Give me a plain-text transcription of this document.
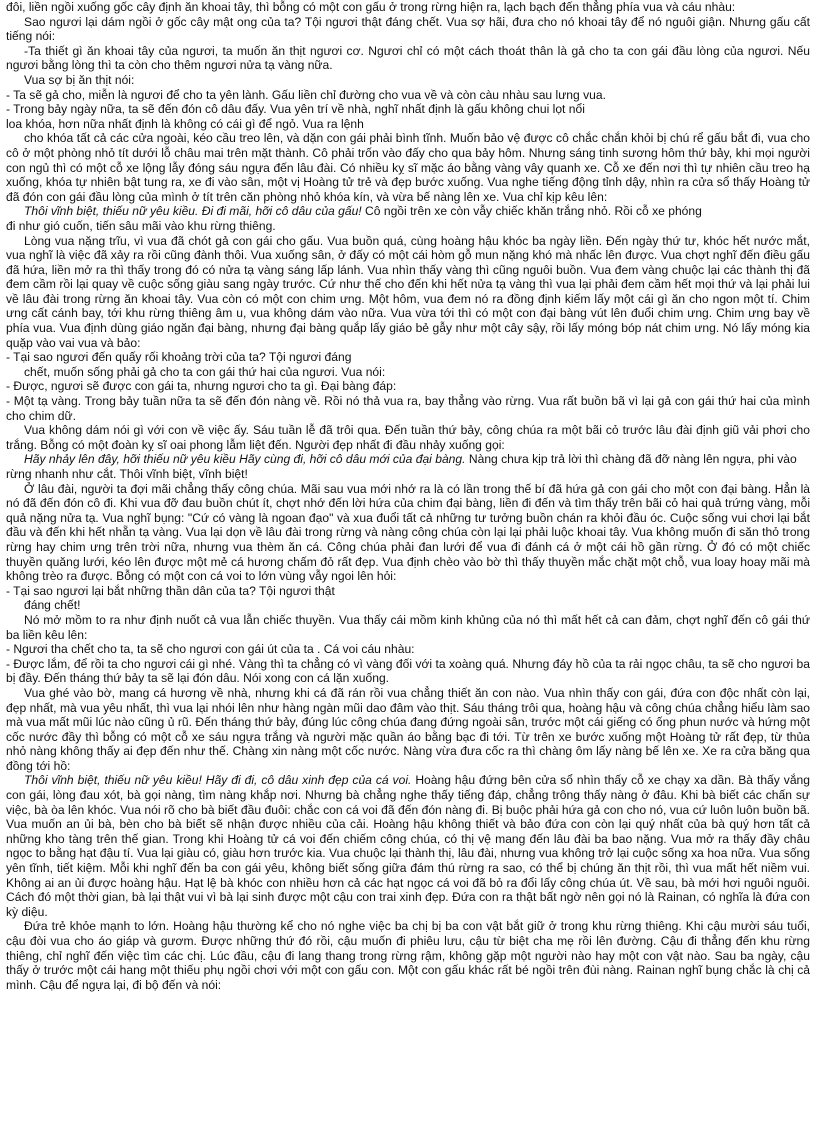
đôi, liền ngồi xuống gốc cây định ăn khoai tây, thì bỗng có một con gấu ở trong rừng hiện ra, lạch bạch đến thẳng phía vua và cáu nhàu:

Sao ngươi lại dám ngồi ở gốc cây mật ong của ta? Tội ngươi thật đáng chết. Vua sợ hãi, đưa cho nó khoai tây để nó nguôi giận. Nhưng gấu cất tiếng nói:

-Ta thiết gì ăn khoai tây của ngươi, ta muốn ăn thịt ngươi cơ. Ngươi chỉ có một cách thoát thân là gả cho ta con gái đầu lòng của ngươi. Nếu ngươi bằng lòng thì ta còn cho thêm ngươi nửa tạ vàng nữa.

Vua sợ bị ăn thịt nói:

- Ta sẽ gả cho, miễn là ngươi để cho ta yên lành. Gấu liền chỉ đường cho vua về và còn càu nhàu sau lưng vua.

- Trong bảy ngày nữa, ta sẽ đến đón cô dâu đấy. Vua yên trí về nhà, nghĩ nhất định là gấu không chui lọt nổi

loa khóa, hơn nữa nhất định là không có cái gì để ngỏ. Vua ra lệnh

cho khóa tất cả các cửa ngoài, kéo cầu treo lên, và dặn con gái phải bình tĩnh. Muốn bảo vệ được cô chắc chắn khỏi bị chú rể gấu bắt đi, vua cho cô ở một phòng nhỏ tít dưới lỗ châu mai trên mặt thành. Cô phải trốn vào đấy cho qua bảy hôm. Nhưng sáng tinh sương hôm thứ bảy, khi mọi người con ngủ thì có một cỗ xe lộng lẫy đóng sáu ngựa đến lâu đài. Có nhiều kỵ sĩ mặc áo bằng vàng vây quanh xe. Cỗ xe đến nơi thì tự nhiên cầu treo hạ xuống, khóa tự nhiên bật tung ra, xe đi vào sân, một vị Hoàng tử trẻ và đẹp bước xuống. Vua nghe tiếng động tỉnh dậy, nhìn ra cửa sổ thấy Hoàng tử đã đón con gái đầu lòng của mình ở tít trên căn phòng nhỏ khóa kín, và vừa bế nàng lên xe. Vua chỉ kịp kêu lên:

Thôi vĩnh biệt, thiếu nữ yêu kiều. Đi đi mãi, hỡi cô dâu của gấu! Cô ngồi trên xe còn vẫy chiếc khăn trắng nhỏ. Rồi cỗ xe phóng

đi như gió cuốn, tiến sâu mãi vào khu rừng thiêng.

Lòng vua nặng trĩu, vì vua đã chót gả con gái cho gấu. Vua buồn quá, cùng hoàng hậu khóc ba ngày liền. Đến ngày thứ tư, khóc hết nước mắt, vua nghĩ là việc đã xảy ra rồi cũng đành thôi. Vua xuống sân, ở đấy có một cái hòm gỗ mun nặng khó mà nhấc lên được. Vua chợt nghĩ đến điều gấu đã hứa, liền mở ra thì thấy trong đó có nửa tạ vàng sáng lấp lánh. Vua nhìn thấy vàng thì cũng nguôi buồn. Vua đem vàng chuộc lại các thành thị đã đem cầm rồi lại quay về cuộc sống giàu sang ngày trước. Cứ như thế cho đến khi hết nửa tạ vàng thì vua lại phải đem cầm hết mọi thứ và lại phải lui về lâu đài trong rừng ăn khoai tây. Vua còn có một con chim ưng. Một hôm, vua đem nó ra đồng định kiếm lấy một cái gì ăn cho ngon một tí. Chim ưng cất cánh bay, tới khu rừng thiêng âm u, vua không dám vào nữa. Vua vừa tới thì có một con đại bàng vút lên đuổi chim ưng. Chim ưng bay về phía vua. Vua định dùng giáo ngăn đại bàng, nhưng đại bàng quắp lấy giáo bẻ gẫy như một cây sậy, rồi lấy móng bóp nát chim ưng. Nó lấy móng kia quặp vào vai vua và bảo:

- Tại sao ngươi đến quấy rối khoảng trời của ta? Tội ngươi đáng

chết, muốn sống phải gả cho ta con gái thứ hai của ngươi. Vua nói:

- Được, ngươi sẽ được con gái ta, nhưng ngươi cho ta gì. Đại bàng đáp:

- Một tạ vàng. Trong bảy tuần nữa ta sẽ đến đón nàng về. Rồi nó thả vua ra, bay thẳng vào rừng. Vua rất buồn bã vì lại gả con gái thứ hai của mình cho chim dữ.

Vua không dám nói gì với con về việc ấy. Sáu tuần lễ đã trôi qua. Đến tuần thứ bảy, công chúa ra một bãi cỏ trước lâu đài định giũ vải phơi cho trắng. Bỗng có một đoàn kỵ sĩ oai phong lẫm liệt đến. Người đẹp nhất đi đầu nhảy xuống gọi:

Hãy nhảy lên đây, hỡi thiếu nữ yêu kiều Hãy cùng đi, hỡi cô dâu mới của đại bàng. Nàng chưa kịp trả lời thì chàng đã đỡ nàng lên ngựa, phi vào

rừng nhanh như cắt. Thôi vĩnh biệt, vĩnh biệt!

Ở lâu đài, người ta đợi mãi chẳng thấy công chúa. Mãi sau vua mới nhớ ra là có lần trong thế bí đã hứa gả con gái cho một con đại bàng. Hẳn là nó đã đến đón cô đi. Khi vua đỡ đau buồn chút ít, chợt nhớ đến lời hứa của chim đại bàng, liền đi đến và tìm thấy trên bãi cỏ hai quả trứng vàng, mỗi quả nặng nửa tạ. Vua nghĩ bụng: "Cứ có vàng là ngoan đạo" và xua đuổi tất cả những tư tưởng buồn chán ra khỏi đầu óc. Cuộc sống vui chơi lại bắt đầu và đến khi hết nhẵn tạ vàng. Vua lại dọn về lâu đài trong rừng và nàng công chúa còn lại lại phải luộc khoai tây. Vua không muốn đi săn thỏ trong rừng hay chim ưng trên trời nữa, nhưng vua thèm ăn cá. Công chúa phải đan lưới để vua đi đánh cá ở một cái hồ gần rừng. Ở đó có một chiếc thuyền quăng lưới, kéo lên được một mẻ cá hương chấm đỏ rất đẹp. Vua định chèo vào bờ thì thấy thuyền mắc chặt một chỗ, vua loay hoay mãi mà không trèo ra được. Bỗng có một con cá voi to lớn vùng vẫy ngoi lên hỏi:

- Tại sao ngươi lại bắt những thần dân của ta? Tội ngươi thật

đáng chết!

Nó mở mồm to ra như định nuốt cả vua lẫn chiếc thuyền. Vua thấy cái mồm kinh khủng của nó thì mất hết cả can đảm, chợt nghĩ đến cô gái thứ ba liền kêu lên:

- Ngươi tha chết cho ta, ta sẽ cho ngươi con gái út của ta . Cá voi cáu nhàu:

- Được lắm, để rồi ta cho ngươi cái gì nhé. Vàng thì ta chẳng có vì vàng đối với ta xoàng quá. Nhưng đáy hồ của ta rải ngọc châu, ta sẽ cho ngươi ba bị đầy. Đến tháng thứ bảy ta sẽ lại đón dâu. Nói xong con cá lặn xuống.

Vua ghé vào bờ, mang cá hương về nhà, nhưng khi cá đã rán rồi vua chẳng thiết ăn con nào. Vua nhìn thấy con gái, đứa con độc nhất còn lại, đẹp nhất, mà vua yêu nhất, thì vua lại nhói lên như hàng ngàn mũi dao đâm vào thịt. Sáu tháng trôi qua, hoàng hậu và công chúa chẳng hiểu làm sao mà vua mất mũi lúc nào cũng ủ rũ. Đến tháng thứ bảy, đúng lúc công chúa đang đứng ngoài sân, trước một cái giếng có ống phun nước và hứng một cốc nước đầy thì bỗng có một cỗ xe sáu ngựa trắng và người mặc quần áo bằng bạc đi tới. Từ trên xe bước xuống một Hoàng tử rất đẹp, từ thủa nhỏ nàng không thấy ai đẹp đến như thế. Chàng xin nàng một cốc nước. Nàng vừa đưa cốc ra thì chàng ôm lấy nàng bế lên xe. Xe ra cửa băng qua đồng tới hồ:

Thôi vĩnh biệt, thiếu nữ yêu kiều! Hãy đi đi, cô dâu xinh đẹp của cá voi. Hoàng hậu đứng bên cửa sổ nhìn thấy cỗ xe chạy xa dần. Bà thấy vắng con gái, lòng đau xót, bà gọi nàng, tìm nàng khắp nơi. Nhưng bà chẳng nghe thấy tiếng đáp, chẳng trông thấy nàng ở đâu. Khi bà biết các chấn sự việc, bà òa lên khóc. Vua nói rõ cho bà biết đầu đuôi: chắc con cá voi đã đến đón nàng đi. Bị buộc phải hứa gả con cho nó, vua cứ luôn luôn buồn bã. Vua muốn an ủi bà, bèn cho bà biết sẽ nhận được nhiều của cải. Hoàng hậu không thiết và bảo đứa con còn lại quý nhất của bà quý hơn tất cả những kho tàng trên thế gian. Trong khi Hoàng tử cá voi đến chiếm công chúa, có thị vệ mang đến lâu đài ba bao nặng. Vua mở ra thấy đầy châu ngọc to bằng hạt đậu tí. Vua lại giàu có, giàu hơn trước kia. Vua chuộc lại thành thị, lâu đài, nhưng vua không trở lại cuộc sống xa hoa nữa. Vua sống yên tĩnh, tiết kiệm. Mỗi khi nghĩ đến ba con gái yêu, không biết sống giữa đám thú rừng ra sao, có thể bị chúng ăn thịt rồi, thì vua mất hết niềm vui. Không ai an ủi được hoàng hậu. Hạt lệ bà khóc con nhiều hơn cả các hạt ngọc cá voi đã bỏ ra đổi lấy công chúa út. Về sau, bà mới hơi nguôi nguôi. Cách đó một thời gian, bà lại thật vui vì bà lại sinh được một cậu con trai xinh đẹp. Đứa con ra thật bất ngờ nên gọi nó là Rainan, có nghĩa là đứa con kỳ diệu.

Đứa trẻ khỏe mạnh to lớn. Hoàng hậu thường kể cho nó nghe việc ba chị bị ba con vật bắt giữ ở trong khu rừng thiêng. Khi cậu mười sáu tuổi, cậu đòi vua cho áo giáp và gươm. Được những thứ đó rồi, cậu muốn đi phiêu lưu, cậu từ biệt cha mẹ rồi lên đường. Cậu đi thẳng đến khu rừng thiêng, chỉ nghĩ đến việc tìm các chị. Lúc đầu, cậu đi lang thang trong rừng rậm, không gặp một người nào hay một con vật nào. Sau ba ngày, cậu thấy ở trước một cái hang một thiếu phụ ngồi chơi với một con gấu con. Một con gấu khác rất bé ngồi trên đùi nàng. Rainan nghĩ bụng chắc là chị cả mình. Cậu để ngựa lại, đi bộ đến và nói:
